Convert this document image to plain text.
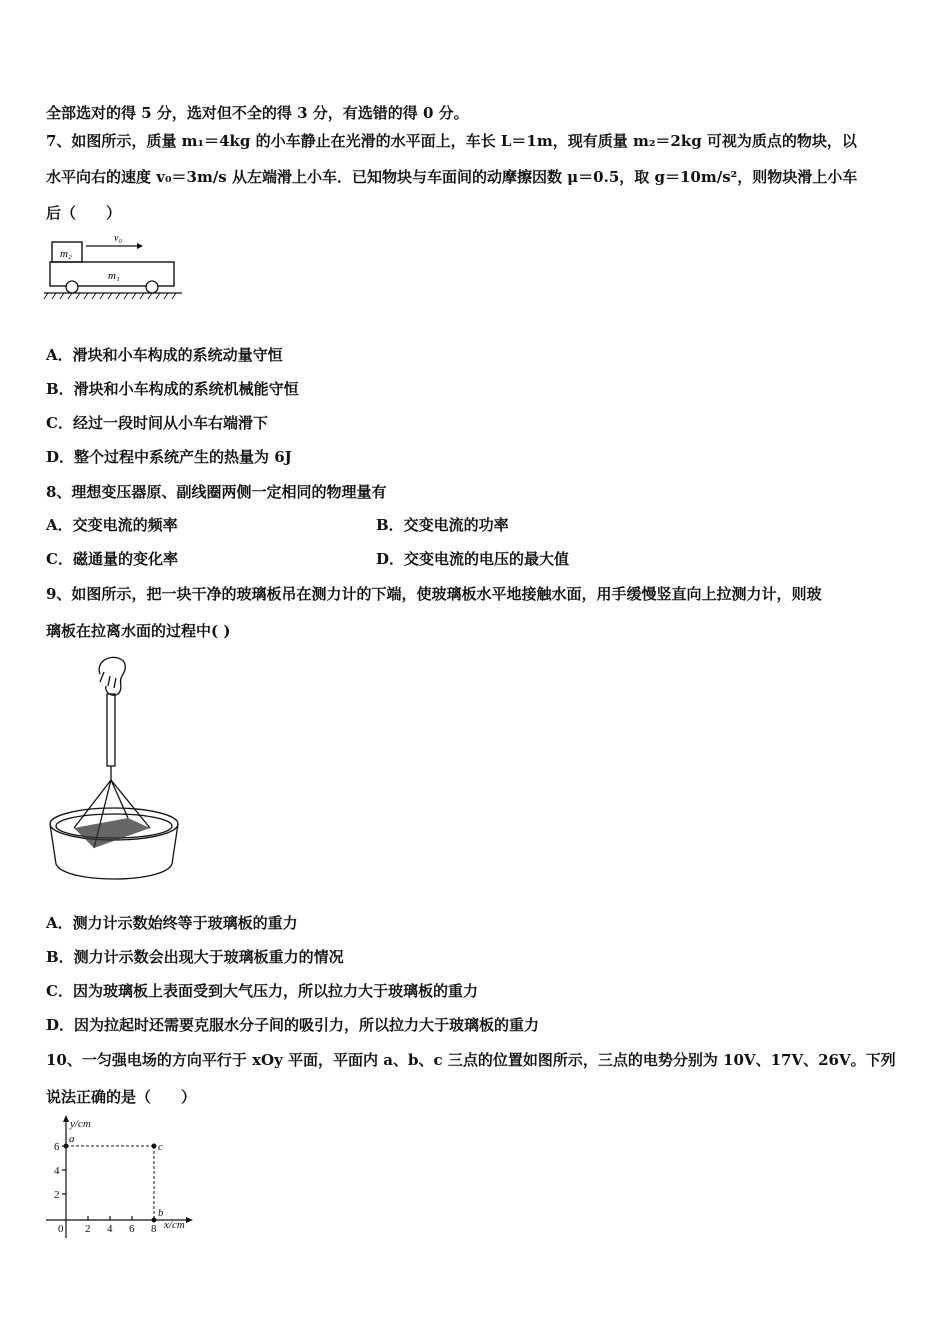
全部选对的得 5 分，选对但不全的得 3 分，有选错的得 0 分。
7、如图所示，质量 m₁＝4kg 的小车静止在光滑的水平面上，车长 L＝1m，现有质量 m₂＝2kg 可视为质点的物块，以
水平向右的速度 v₀＝3m/s 从左端滑上小车．已知物块与车面间的动摩擦因数 μ＝0.5，取 g＝10m/s²，则物块滑上小车
后（　　）
m₂
v₀
m₁
A．滑块和小车构成的系统动量守恒
B．滑块和小车构成的系统机械能守恒
C．经过一段时间从小车右端滑下
D．整个过程中系统产生的热量为 6J
8、理想变压器原、副线圈两侧一定相同的物理量有
A．交变电流的频率	B．交变电流的功率
C．磁通量的变化率	D．交变电流的电压的最大值
9、如图所示，把一块干净的玻璃板吊在测力计的下端，使玻璃板水平地接触水面，用手缓慢竖直向上拉测力计，则玻
璃板在拉离水面的过程中( )
A．测力计示数始终等于玻璃板的重力
B．测力计示数会出现大于玻璃板重力的情况
C．因为玻璃板上表面受到大气压力，所以拉力大于玻璃板的重力
D．因为拉起时还需要克服水分子间的吸引力，所以拉力大于玻璃板的重力
10、一匀强电场的方向平行于 xOy 平面，平面内 a、b、c 三点的位置如图所示，三点的电势分别为 10V、17V、26V。下列
说法正确的是（　　）
y/cm
x/cm
0 2 4 6 8
2
4
6
a
c
b
